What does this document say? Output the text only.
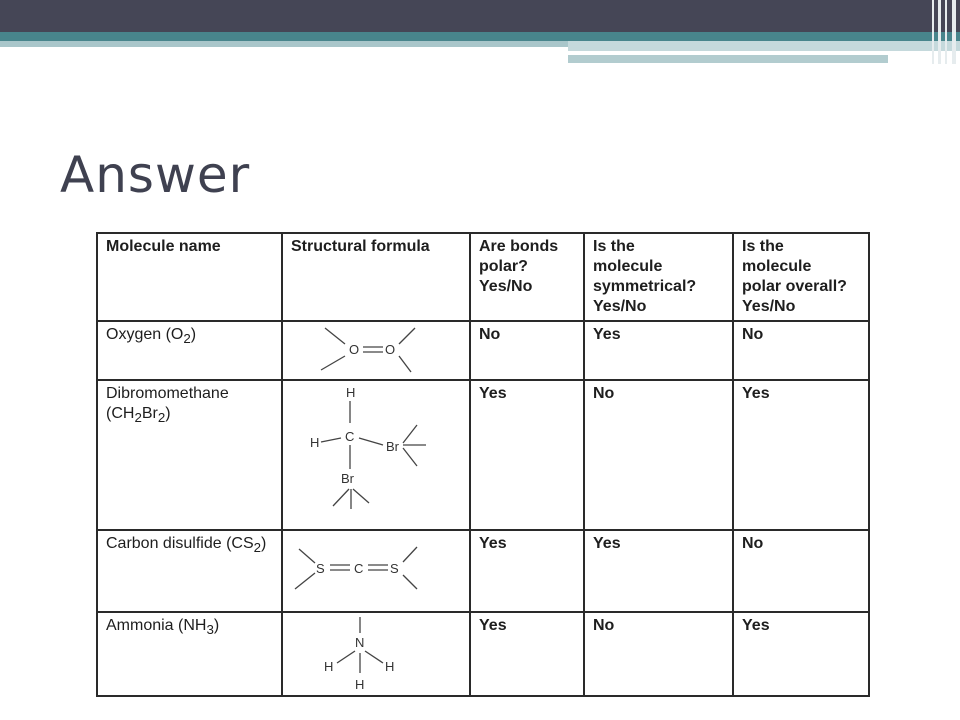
Answer
Molecule name	Structural formula	Are bonds
polar?
Yes/No	Is the
molecule
symmetrical?
Yes/No	Is the
molecule
polar overall?
Yes/No
Oxygen $(O_2)$	O O	No	Yes	No
Dibromomethane
$(CH_2Br_2)$	H
H C
Br
Br	Yes	No	Yes
Carbon disulfide $(CS_2)$	S C S	Yes	Yes	No
Ammonia $(NH_3)$	N
H H
H	Yes	No	Yes
